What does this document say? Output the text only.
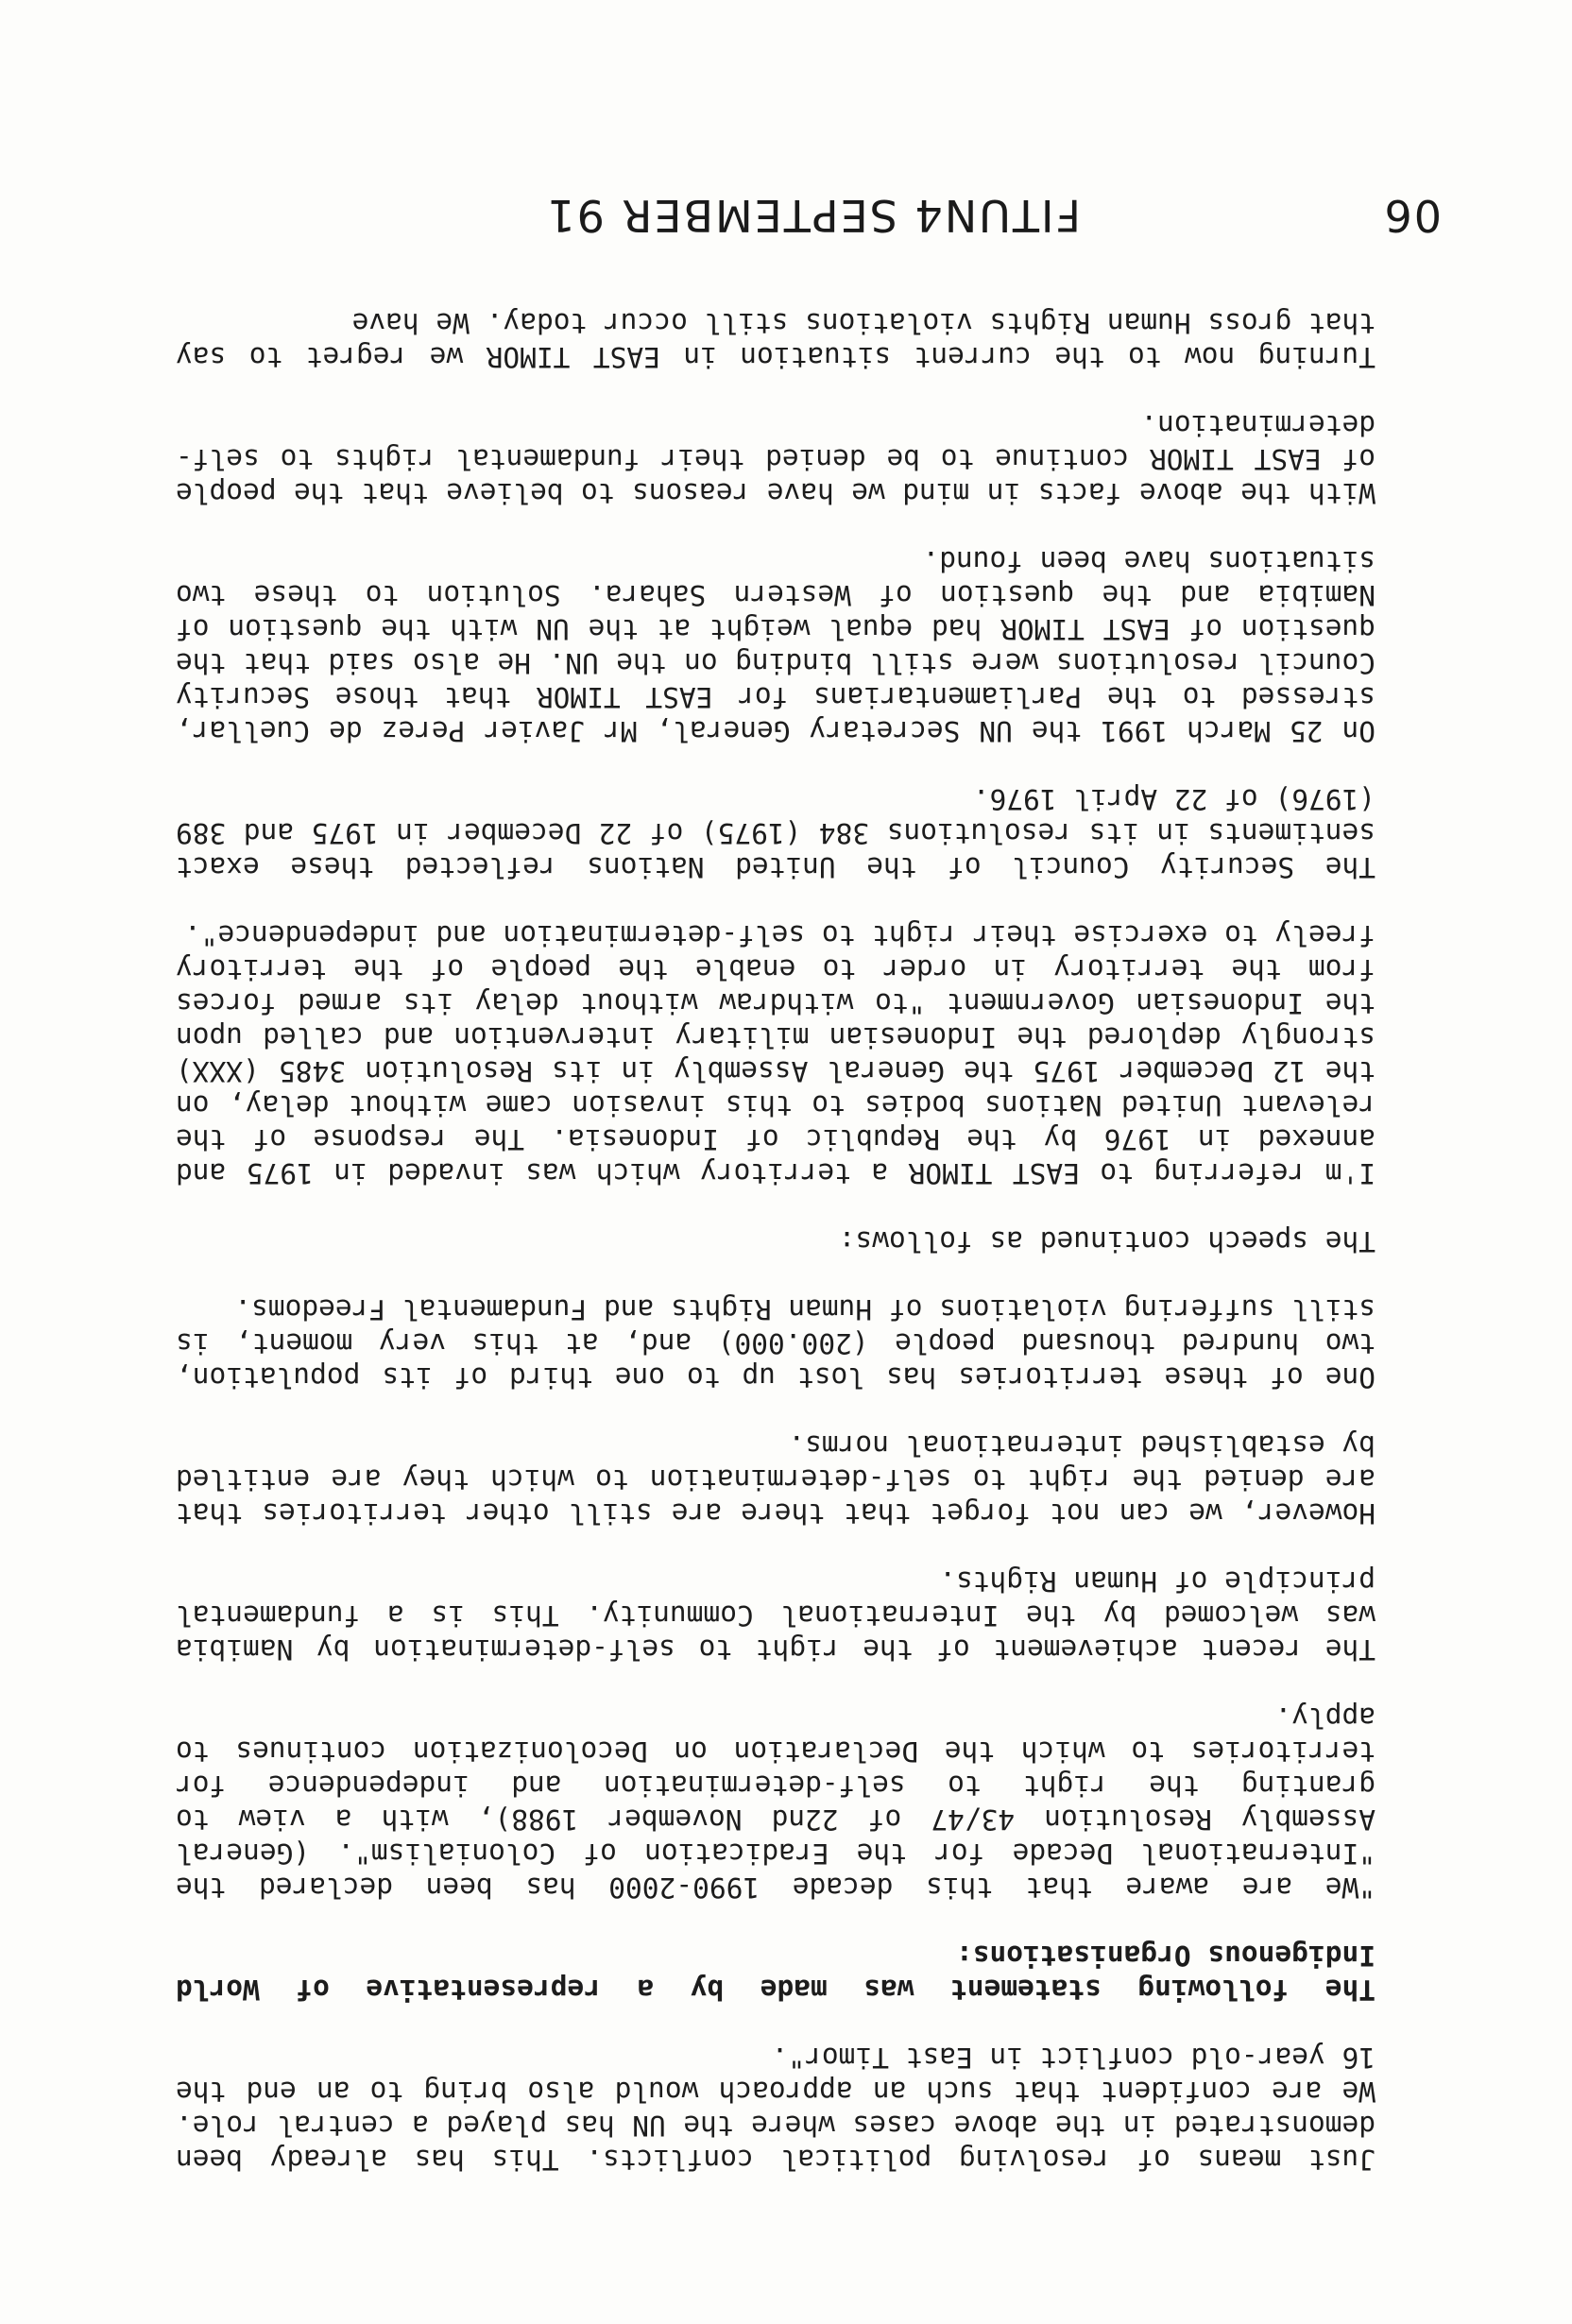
Just means of resolving political conflicts. This has already been demonstrated in the above cases where the UN has played a central role. We are confident that such an approach would also bring to an end the 16 year-old conflict in East Timor".

The following statement was made by a representative of World Indigenous Organisations:

"We are aware that this decade 1990-2000 has been declared the "International Decade for the Eradication of Colonialism". (General Assembly Resolution 43/47 of 22nd November 1988), with a view to granting the right to self-determination and independence for territories to which the Declaration on Decolonization continues to apply.

The recent achievement of the right to self-determination by Namibia was welcomed by the International Community. This is a fundamental principle of Human Rights.

However, we can not forget that there are still other territories that are denied the right to self-determination to which they are entitled by established international norms.

One of these territories has lost up to one third of its population, two hundred thousand people (200.000) and, at this very moment, is still suffering violations of Human Rights and Fundamental Freedoms.

The speech continued as follows:

I'm referring to EAST TIMOR a territory which was invaded in 1975 and annexed in 1976 by the Republic of Indonesia. The response of the relevant United Nations bodies to this invasion came without delay, on the 12 December 1975 the General Assembly in its Resolution 3485 (XXX) strongly deplored the Indonesian military intervention and called upon the Indonesian Government "to withdraw without delay its armed forces from the territory in order to enable the people of the territory freely to exercise their right to self-determination and independence".

The Security Council of the United Nations reflected these exact sentiments in its resolutions 384 (1975) of 22 December in 1975 and 389 (1976) of 22 April 1976.

On 25 March 1991 the UN Secretary General, Mr Javier Perez de Cuellar, stressed to the Parliamentarians for EAST TIMOR that those Security Council resolutions were still binding on the UN. He also said that the question of EAST TIMOR had equal weight at the UN with the question of Namibia and the question of Western Sahara. Solution to these two situations have been found.

With the above facts in mind we have reasons to believe that the people of EAST TIMOR continue to be denied their fundamental rights to self-determination.

Turning now to the current situation in EAST TIMOR we regret to say that gross Human Rights violations still occur today. We have

06
FITUN4 SEPTEMBER 91
